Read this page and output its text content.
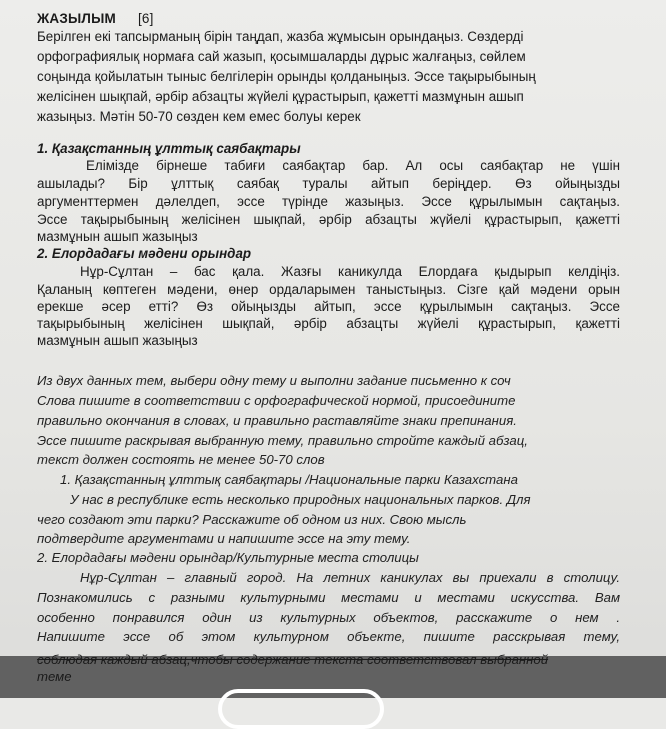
ЖАЗЫЛЫМ [6]
Берілген екі тапсырманың бірін таңдап, жазба жұмысын орындаңыз. Сөздерді
орфографиялық нормаға сай жазып, қосымшаларды дұрыс жалғаңыз, сөйлем
соңында қойылатын тыныс белгілерін орынды қолданыңыз. Эссе тақырыбының
желісінен шықпай, әрбір абзацты жүйелі құрастырып, қажетті мазмұнын ашып
жазыңыз. Мәтін 50-70 сөзден кем емес болуы керек
1. Қазақстанның ұлттық саябақтары
Елімізде бірнеше табиғи саябақтар бар. Ал осы саябақтар не үшін
ашылады? Бір ұлттық саябақ туралы айтып беріңдер. Өз ойыңызды
аргументтермен дәлелдеп, эссе түрінде жазыңыз. Эссе құрылымын сақтаңыз.
Эссе тақырыбының желісінен шықпай, әрбір абзацты жүйелі құрастырып, қажетті
мазмұнын ашып жазыңыз
2. Елордадағы мәдени орындар
Нұр-Сұлтан – бас қала. Жазғы каникулда Елордаға қыдырып келдіңіз.
Қаланың көптеген мәдени, өнер ордаларымен таныстыңыз. Сізге қай мәдени орын
ерекше әсер етті? Өз ойыңызды айтып, эссе құрылымын сақтаңыз. Эссе
тақырыбының желісінен шықпай, әрбір абзацты жүйелі құрастырып, қажетті
мазмұнын ашып жазыңыз
Из двух данных тем, выбери одну тему и выполни задание письменно к соч
Слова пишите в соответствии с орфографической нормой, присоедините
правильно окончания в словах, и правильно раставляйте знаки препинания.
Эссе пишите раскрывая выбранную тему, правильно стройте каждый абзац,
текст должен состоять не менее 50-70 слов
1. Қазақстанның ұлттық саябақтары /Национальные парки Казахстана
У нас в республике есть несколько природных национальных парков. Для
чего создают эти парки? Расскажите об одном из них. Свою мысль
подтвердите аргументами и напишите эссе на эту тему.
2. Елордадағы мәдени орындар/Культурные места столицы
Нұр-Сұлтан – главный город. На летних каникулах вы приехали в столицу.
Познакомились с разными культурными местами и местами искусства. Вам
особенно понравился один из культурных объектов, расскажите о нем .
Напишите эссе об этом культурном объекте, пишите расскрывая тему,
соблюдая каждый абзац,чтобы содержание текста соответствовал выбранной
теме
